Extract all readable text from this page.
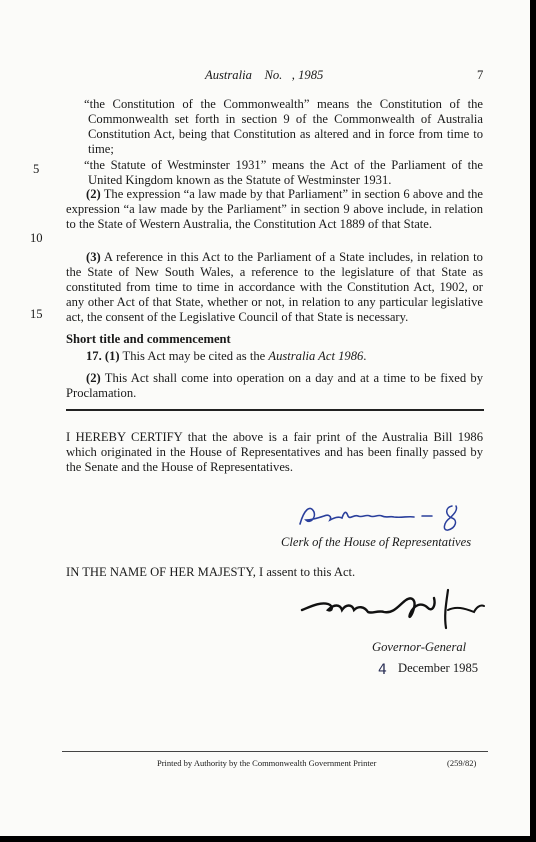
Australia No. , 1985	7
5
10
15
“the Constitution of the Commonwealth” means the Constitution of the Commonwealth set forth in section 9 of the Commonwealth of Australia Constitution Act, being that Constitution as altered and in force from time to time;
“the Statute of Westminster 1931” means the Act of the Parliament of the United Kingdom known as the Statute of Westminster 1931.
(2) The expression “a law made by that Parliament” in section 6 above and the expression “a law made by the Parliament” in section 9 above include, in relation to the State of Western Australia, the Constitution Act 1889 of that State.
(3) A reference in this Act to the Parliament of a State includes, in relation to the State of New South Wales, a reference to the legislature of that State as constituted from time to time in accordance with the Constitution Act, 1902, or any other Act of that State, whether or not, in relation to any particular legislative act, the consent of the Legislative Council of that State is necessary.
Short title and commencement
17. (1) This Act may be cited as the Australia Act 1986.
(2) This Act shall come into operation on a day and at a time to be fixed by Proclamation.
I HEREBY CERTIFY that the above is a fair print of the Australia Bill 1986 which originated in the House of Representatives and has been finally passed by the Senate and the House of Representatives.
Clerk of the House of Representatives
IN THE NAME OF HER MAJESTY, I assent to this Act.
Governor-General
4 December 1985
Printed by Authority by the Commonwealth Government Printer	(259/82)
